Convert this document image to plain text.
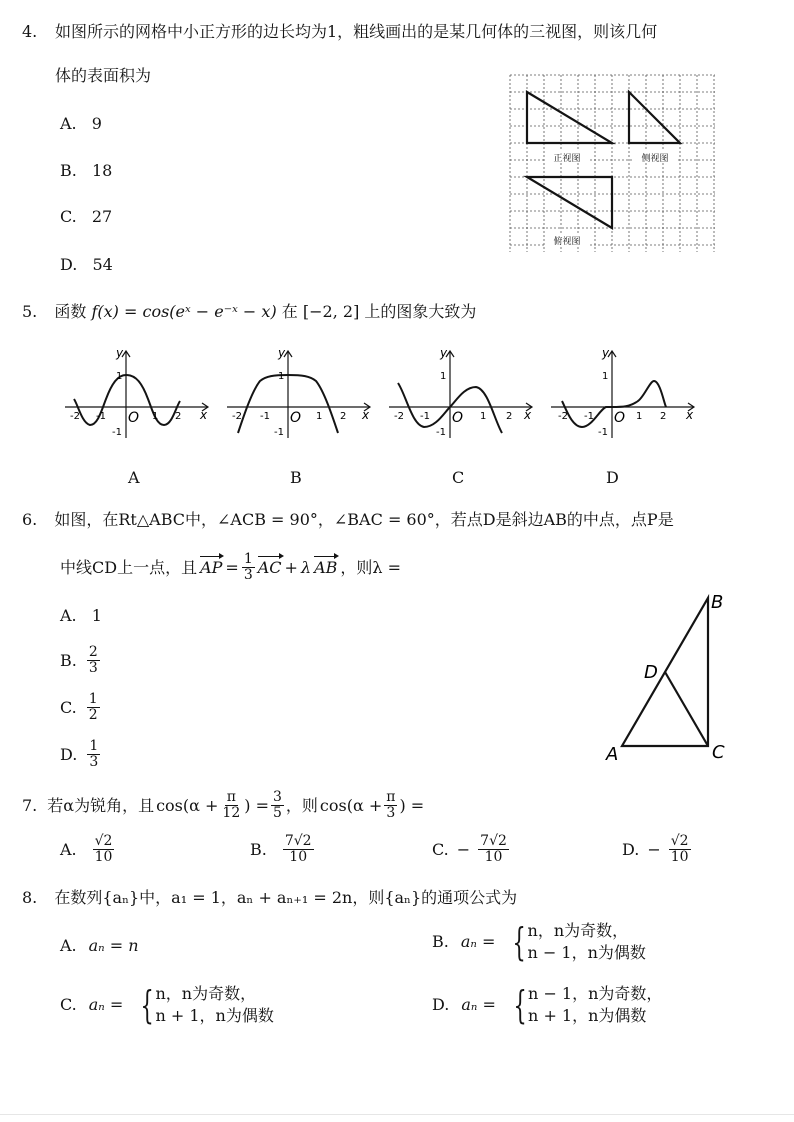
4. 如图所示的网格中小正方形的边长均为1，粗线画出的是某几何体的三视图，则该几何
体的表面积为
A. 9
B. 18
C. 27
D. 54
正视图	侧视图
俯视图
5. 函数 f(x) = cos(eˣ − e⁻ˣ − x) 在 [−2, 2] 上的图象大致为
y
x
-2 -1	1 2
1
-1
O
A
y
x
-2 -1	1 2
1
-1
O
B
y
x
-2 -1	1 2
1
-1
O
C
y
x
-2 -1	1 2
1
-1
O
D
6. 如图，在Rt△ABC中，∠ACB = 90°，∠BAC = 60°，若点D是斜边AB的中点，点P是
中线CD上一点，且 AP = $\frac{1}{3}$ AC + λ AB ，则λ =
A. 1
B. $\frac{2}{3}$
C. $\frac{1}{2}$
D. $\frac{1}{3}$	A
B
C
D
7. 若α为锐角，且 $\cos(\alpha + \frac{\pi}{12}$ ) = $\frac{3}{5}$ ，则 $\cos(\alpha + \frac{\pi}{3}$ ) =
A. $\frac{√2}{10}$	B. $\frac{7√2}{10}$	C. − $\frac{7√2}{10}$	D. − $\frac{√2}{10}$
8. 在数列{aₙ}中，a₁ = 1，aₙ + aₙ₊₁ = 2n，则{aₙ}的通项公式为
A. aₙ = n	B. aₙ = { n，n为奇数，
n − 1，n为偶数
C. aₙ = { n，n为奇数，
n + 1，n为偶数
D. aₙ = { n − 1，n为奇数，
n + 1，n为偶数
